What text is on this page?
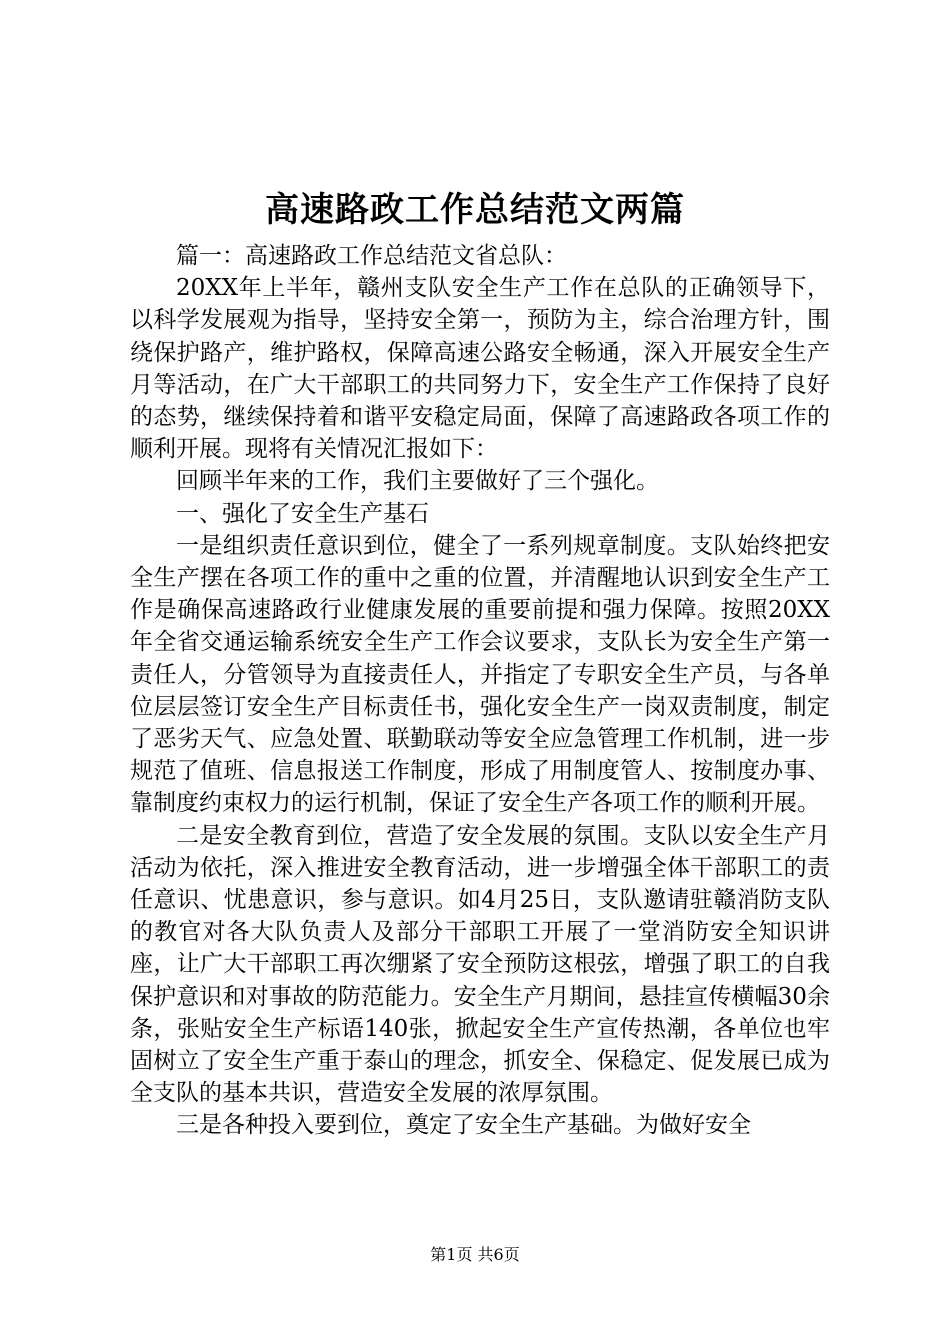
高速路政工作总结范文两篇

篇一：高速路政工作总结范文省总队：

20XX年上半年，赣州支队安全生产工作在总队的正确领导下，以科学发展观为指导，坚持安全第一，预防为主，综合治理方针，围绕保护路产，维护路权，保障高速公路安全畅通，深入开展安全生产月等活动，在广大干部职工的共同努力下，安全生产工作保持了良好的态势，继续保持着和谐平安稳定局面，保障了高速路政各项工作的顺利开展。现将有关情况汇报如下：

回顾半年来的工作，我们主要做好了三个强化。

一、强化了安全生产基石

一是组织责任意识到位，健全了一系列规章制度。支队始终把安全生产摆在各项工作的重中之重的位置，并清醒地认识到安全生产工作是确保高速路政行业健康发展的重要前提和强力保障。按照20XX年全省交通运输系统安全生产工作会议要求，支队长为安全生产第一责任人，分管领导为直接责任人，并指定了专职安全生产员，与各单位层层签订安全生产目标责任书，强化安全生产一岗双责制度，制定了恶劣天气、应急处置、联勤联动等安全应急管理工作机制，进一步规范了值班、信息报送工作制度，形成了用制度管人、按制度办事、靠制度约束权力的运行机制，保证了安全生产各项工作的顺利开展。

二是安全教育到位，营造了安全发展的氛围。支队以安全生产月活动为依托，深入推进安全教育活动，进一步增强全体干部职工的责任意识、忧患意识，参与意识。如4月25日，支队邀请驻赣消防支队的教官对各大队负责人及部分干部职工开展了一堂消防安全知识讲座，让广大干部职工再次绷紧了安全预防这根弦，增强了职工的自我保护意识和对事故的防范能力。安全生产月期间，悬挂宣传横幅30余条，张贴安全生产标语140张，掀起安全生产宣传热潮，各单位也牢固树立了安全生产重于泰山的理念，抓安全、保稳定、促发展已成为全支队的基本共识，营造安全发展的浓厚氛围。

三是各种投入要到位，奠定了安全生产基础。为做好安全

第1页 共6页
